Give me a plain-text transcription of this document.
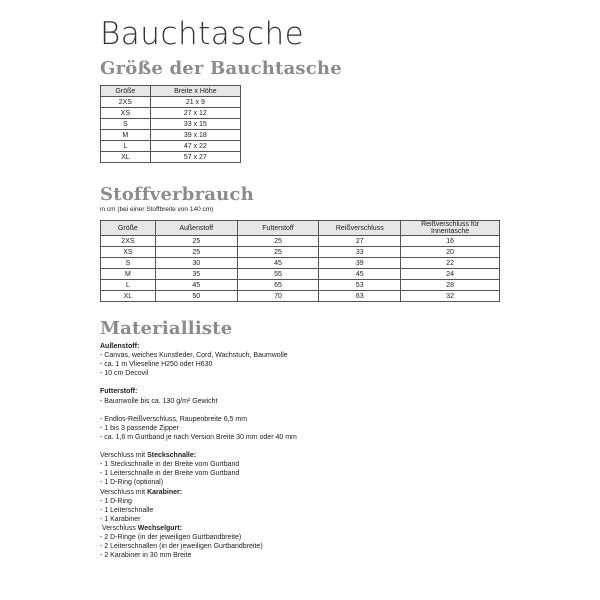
Bauchtasche
Größe der Bauchtasche
Größe	Breite x Höhe
2XS	21 x 9
XS	27 x 12
S	33 x 15
M	39 x 18
L	47 x 22
XL	57 x 27
Stoffverbrauch
in cm (bei einer Stoffbreite von 140 cm)
Größe	Außenstoff	Futterstoff	Reißverschluss	Reißverschluss für Innentasche
2XS	25	25	27	16
XS	25	25	33	20
S	30	45	39	22
M	35	55	45	24
L	45	65	53	28
XL	50	70	63	32
Materialliste
Außenstoff:
- Canvas, weiches Kunstleder, Cord, Wachstuch, Baumwolle
- ca. 1 m Vlieseline H250 oder H630
- 10 cm Decovil
Futterstoff:
- Baumwolle bis ca. 130 g/m² Gewicht
- Endlos-Reißverschluss, Raupenbreite 6,5 mm
- 1 bis 3 passende Zipper
- ca. 1,6 m Gurtband je nach Version Breite 30 mm oder 40 mm
Verschluss mit Steckschnalle:
- 1 Steckschnalle in der Breite vom Gurtband
- 1 Leiterschnalle in der Breite vom Gurtband
- 1 D-Ring (optional)
Verschluss mit Karabiner:
- 1 D-Ring
- 1 Leiterschnalle
- 1 Karabiner
Verschluss Wechselgurt:
- 2 D-Ringe (in der jeweiligen Gurtbandbreite)
- 2 Leiterschnallen (in der jeweiligen Gurtbandbreite)
- 2 Karabiner in 30 mm Breite
